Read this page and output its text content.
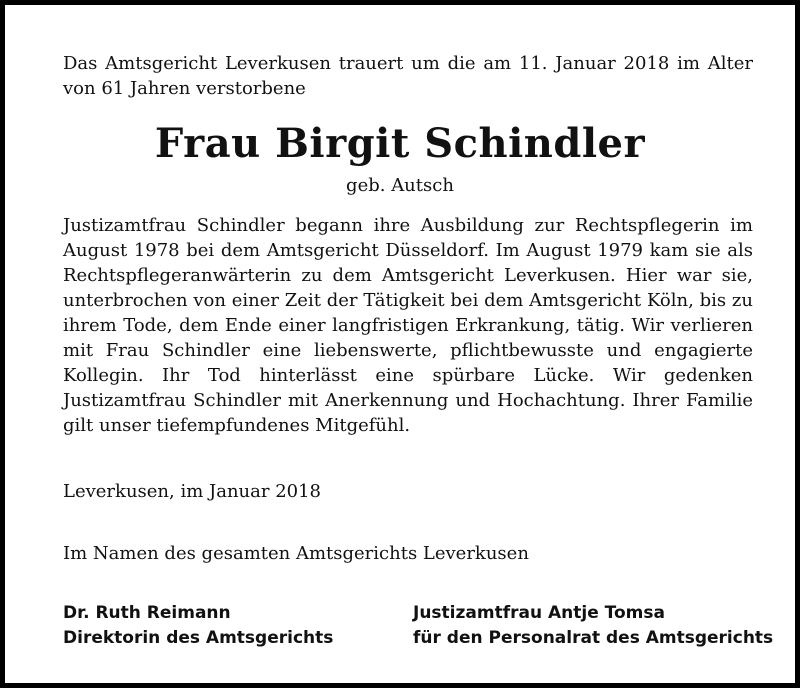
Das Amtsgericht Leverkusen trauert um die am 11. Januar 2018 im Alter von 61 Jahren verstorbene
Frau Birgit Schindler
geb. Autsch
Justizamtfrau Schindler begann ihre Ausbildung zur Rechtspflegerin im August 1978 bei dem Amtsgericht Düsseldorf. Im August 1979 kam sie als Rechtspflegeranwärterin zu dem Amtsgericht Leverkusen. Hier war sie, unterbrochen von einer Zeit der Tätigkeit bei dem Amtsgericht Köln, bis zu ihrem Tode, dem Ende einer langfristigen Erkrankung, tätig. Wir verlieren mit Frau Schindler eine liebenswerte, pflichtbewusste und engagierte Kollegin. Ihr Tod hinterlässt eine spürbare Lücke. Wir gedenken Justizamtfrau Schindler mit Anerkennung und Hochachtung. Ihrer Familie gilt unser tiefempfundenes Mitgefühl.
Leverkusen, im Januar 2018
Im Namen des gesamten Amtsgerichts Leverkusen
Dr. Ruth Reimann
Direktorin des Amtsgerichts
Justizamtfrau Antje Tomsa
für den Personalrat des Amtsgerichts
